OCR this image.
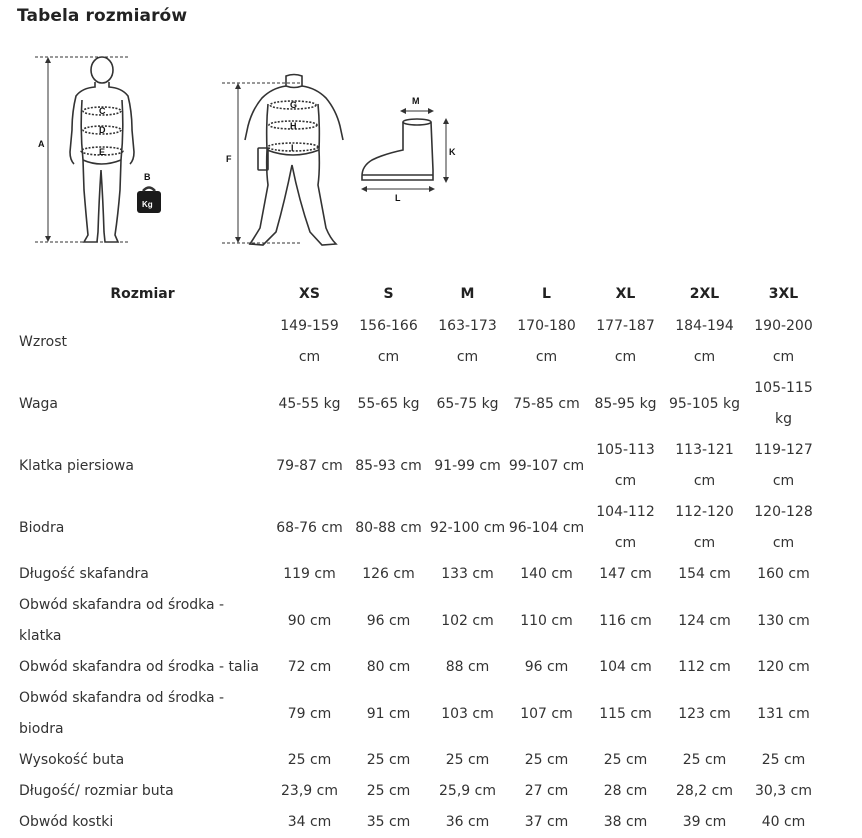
Tabela rozmiarów
A
C
D
E
B
Kg
F
G
H
I
M
K
L
Rozmiar	XS	S	M	L	XL	2XL	3XL
Wzrost	149-159 cm	156-166 cm	163-173 cm	170-180 cm	177-187 cm	184-194 cm	190-200 cm
Waga	45-55 kg	55-65 kg	65-75 kg	75-85 cm	85-95 kg	95-105 kg	105-115 kg
Klatka piersiowa	79-87 cm	85-93 cm	91-99 cm	99-107 cm	105-113 cm	113-121 cm	119-127 cm
Biodra	68-76 cm	80-88 cm	92-100 cm	96-104 cm	104-112 cm	112-120 cm	120-128 cm
Długość skafandra	119 cm	126 cm	133 cm	140 cm	147 cm	154 cm	160 cm
Obwód skafandra od środka - klatka	90 cm	96 cm	102 cm	110 cm	116 cm	124 cm	130 cm
Obwód skafandra od środka - talia	72 cm	80 cm	88 cm	96 cm	104 cm	112 cm	120 cm
Obwód skafandra od środka - biodra	79 cm	91 cm	103 cm	107 cm	115 cm	123 cm	131 cm
Wysokość buta	25 cm	25 cm	25 cm	25 cm	25 cm	25 cm	25 cm
Długość/ rozmiar buta	23,9 cm	25 cm	25,9 cm	27 cm	28 cm	28,2 cm	30,3 cm
Obwód kostki	34 cm	35 cm	36 cm	37 cm	38 cm	39 cm	40 cm
